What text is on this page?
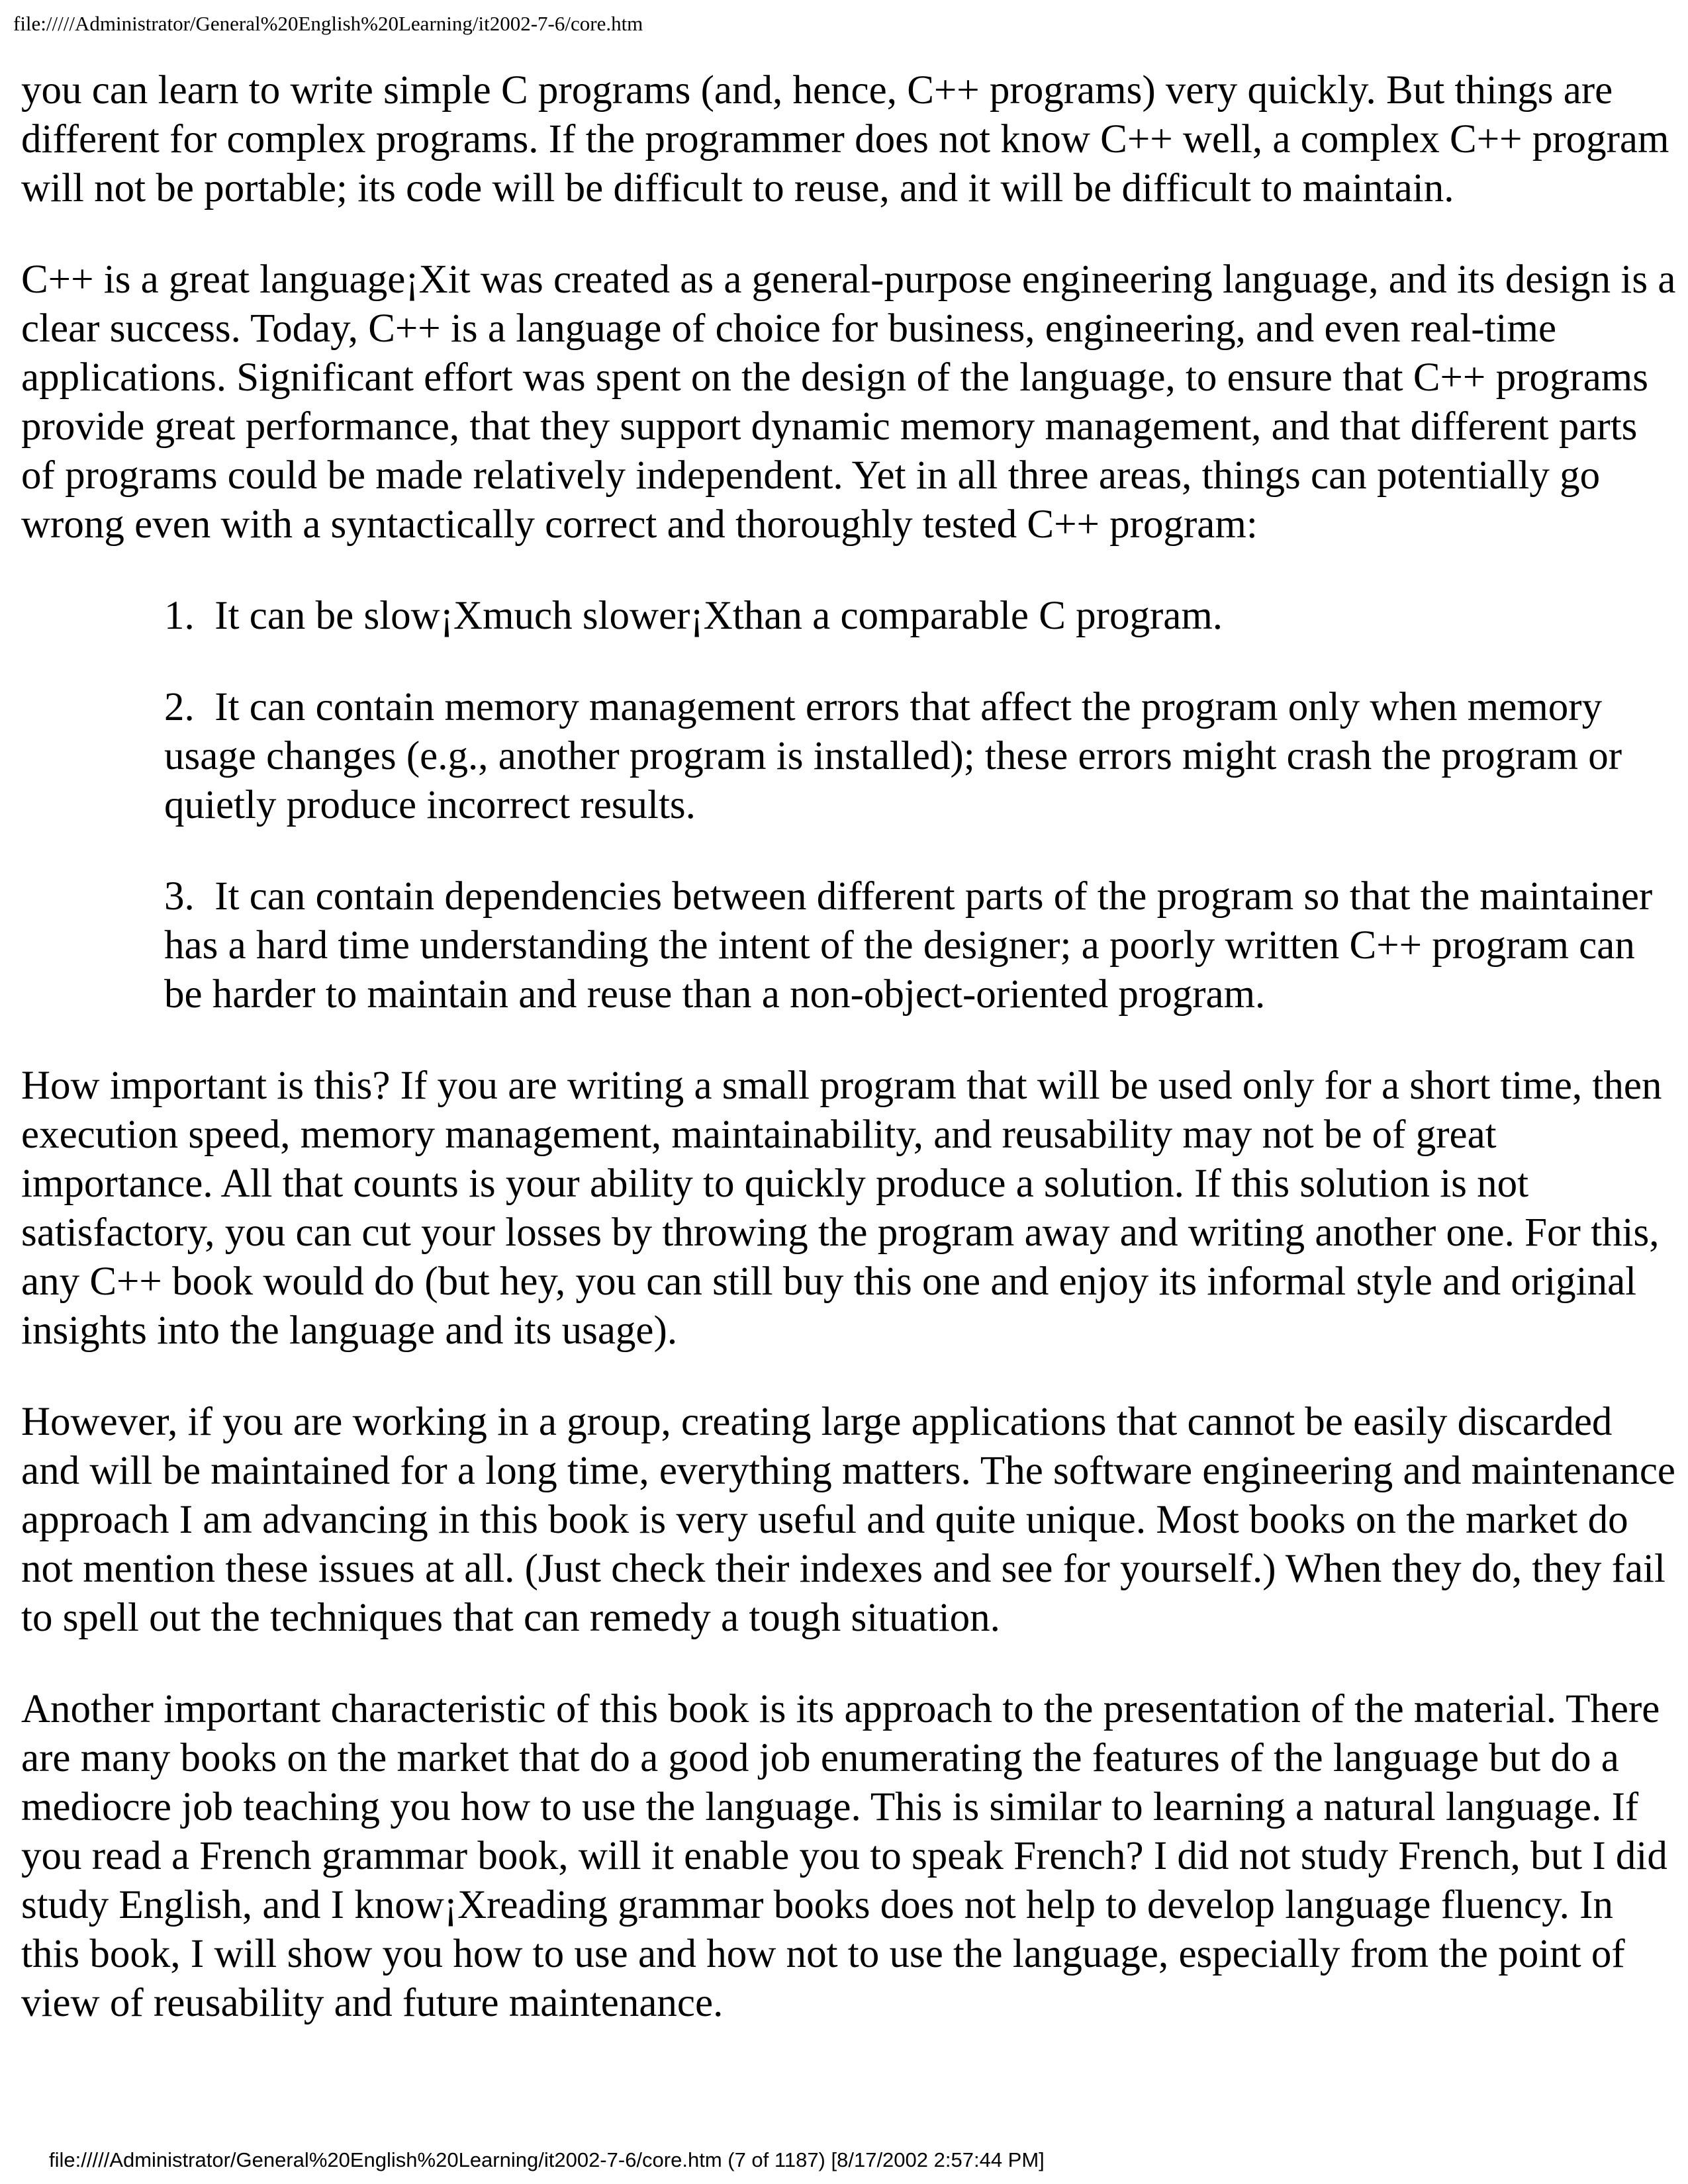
file://///Administrator/General%20English%20Learning/it2002-7-6/core.htm

you can learn to write simple C programs (and, hence, C++ programs) very quickly. But things are different for complex programs. If the programmer does not know C++ well, a complex C++ program will not be portable; its code will be difficult to reuse, and it will be difficult to maintain.

C++ is a great language¡Xit was created as a general-purpose engineering language, and its design is a clear success. Today, C++ is a language of choice for business, engineering, and even real-time applications. Significant effort was spent on the design of the language, to ensure that C++ programs provide great performance, that they support dynamic memory management, and that different parts of programs could be made relatively independent. Yet in all three areas, things can potentially go wrong even with a syntactically correct and thoroughly tested C++ program:

1. It can be slow¡Xmuch slower¡Xthan a comparable C program.
2. It can contain memory management errors that affect the program only when memory usage changes (e.g., another program is installed); these errors might crash the program or quietly produce incorrect results.
3. It can contain dependencies between different parts of the program so that the maintainer has a hard time understanding the intent of the designer; a poorly written C++ program can be harder to maintain and reuse than a non-object-oriented program.

How important is this? If you are writing a small program that will be used only for a short time, then execution speed, memory management, maintainability, and reusability may not be of great importance. All that counts is your ability to quickly produce a solution. If this solution is not satisfactory, you can cut your losses by throwing the program away and writing another one. For this, any C++ book would do (but hey, you can still buy this one and enjoy its informal style and original insights into the language and its usage).

However, if you are working in a group, creating large applications that cannot be easily discarded and will be maintained for a long time, everything matters. The software engineering and maintenance approach I am advancing in this book is very useful and quite unique. Most books on the market do not mention these issues at all. (Just check their indexes and see for yourself.) When they do, they fail to spell out the techniques that can remedy a tough situation.

Another important characteristic of this book is its approach to the presentation of the material. There are many books on the market that do a good job enumerating the features of the language but do a mediocre job teaching you how to use the language. This is similar to learning a natural language. If you read a French grammar book, will it enable you to speak French? I did not study French, but I did study English, and I know¡Xreading grammar books does not help to develop language fluency. In this book, I will show you how to use and how not to use the language, especially from the point of view of reusability and future maintenance.

file://///Administrator/General%20English%20Learning/it2002-7-6/core.htm (7 of 1187) [8/17/2002 2:57:44 PM]
